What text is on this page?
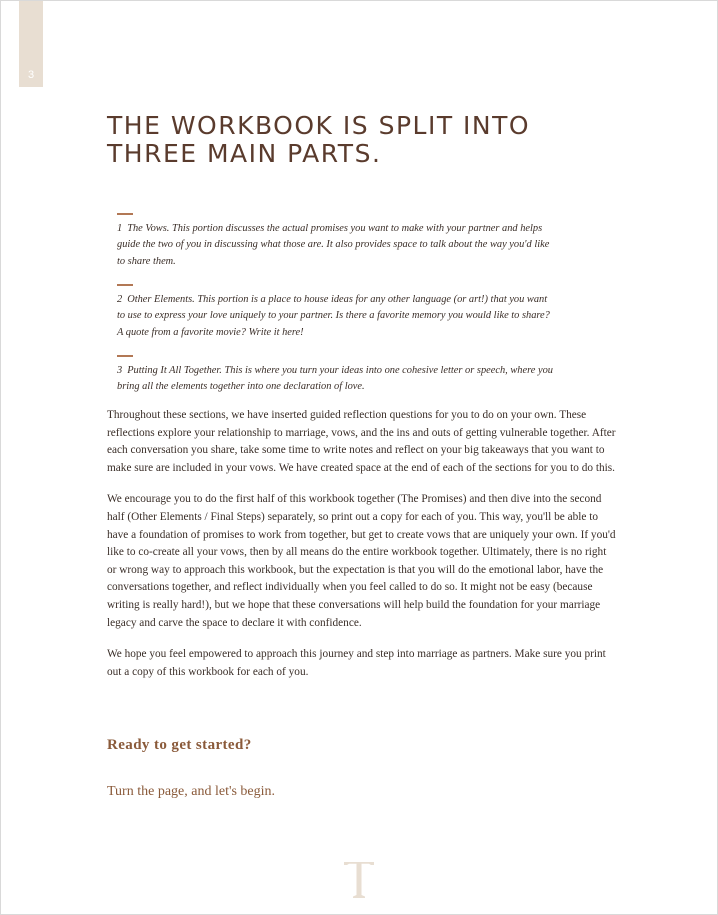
3
THE WORKBOOK IS SPLIT INTO THREE MAIN PARTS.
1 The Vows. This portion discusses the actual promises you want to make with your partner and helps guide the two of you in discussing what those are. It also provides space to talk about the way you'd like to share them.
2 Other Elements. This portion is a place to house ideas for any other language (or art!) that you want to use to express your love uniquely to your partner. Is there a favorite memory you would like to share? A quote from a favorite movie? Write it here!
3 Putting It All Together. This is where you turn your ideas into one cohesive letter or speech, where you bring all the elements together into one declaration of love.

Throughout these sections, we have inserted guided reflection questions for you to do on your own. These reflections explore your relationship to marriage, vows, and the ins and outs of getting vulnerable together. After each conversation you share, take some time to write notes and reflect on your big takeaways that you want to make sure are included in your vows. We have created space at the end of each of the sections for you to do this.

We encourage you to do the first half of this workbook together (The Promises) and then dive into the second half (Other Elements / Final Steps) separately, so print out a copy for each of you. This way, you'll be able to have a foundation of promises to work from together, but get to create vows that are uniquely your own. If you'd like to co-create all your vows, then by all means do the entire workbook together. Ultimately, there is no right or wrong way to approach this workbook, but the expectation is that you will do the emotional labor, have the conversations together, and reflect individually when you feel called to do so. It might not be easy (because writing is really hard!), but we hope that these conversations will help build the foundation for your marriage legacy and carve the space to declare it with confidence.

We hope you feel empowered to approach this journey and step into marriage as partners. Make sure you print out a copy of this workbook for each of you.

Ready to get started?

Turn the page, and let's begin.
